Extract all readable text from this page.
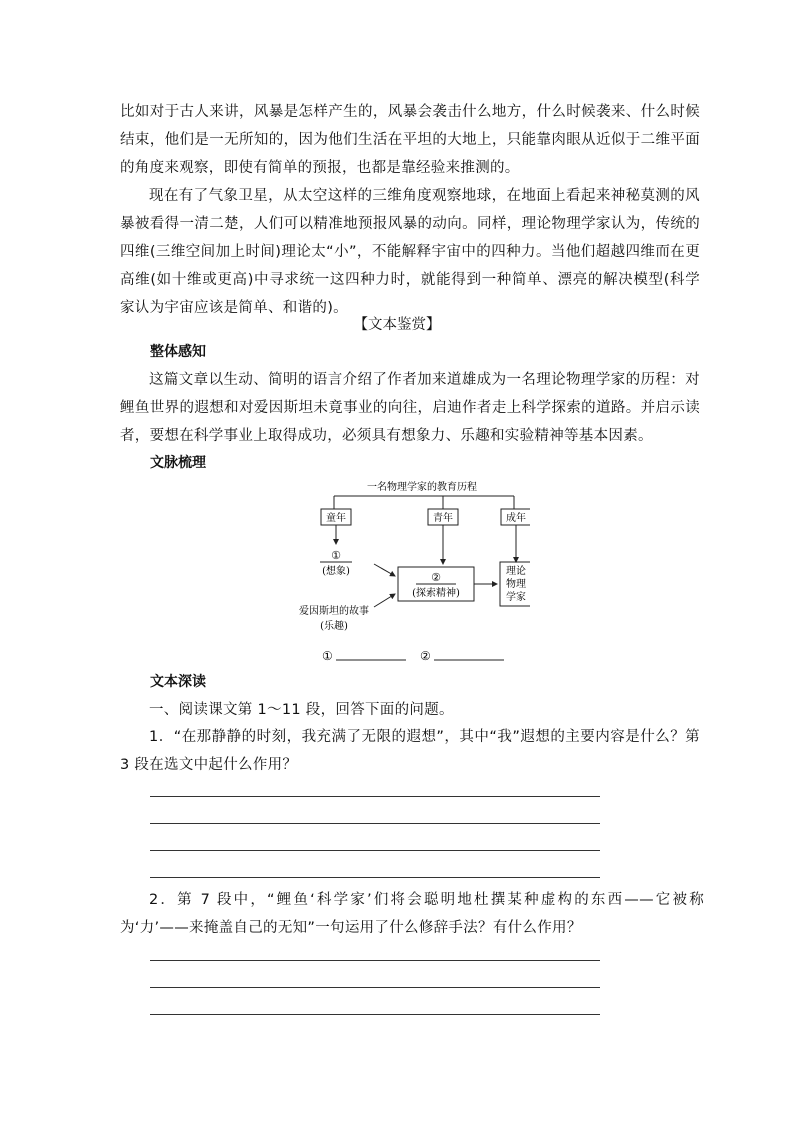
比如对于古人来讲，风暴是怎样产生的，风暴会袭击什么地方，什么时候袭来、什么时候结束，他们是一无所知的，因为他们生活在平坦的大地上，只能靠肉眼从近似于二维平面的角度来观察，即使有简单的预报，也都是靠经验来推测的。

现在有了气象卫星，从太空这样的三维角度观察地球，在地面上看起来神秘莫测的风暴被看得一清二楚，人们可以精准地预报风暴的动向。同样，理论物理学家认为，传统的四维(三维空间加上时间)理论太“小”，不能解释宇宙中的四种力。当他们超越四维而在更高维(如十维或更高)中寻求统一这四种力时，就能得到一种简单、漂亮的解决模型(科学家认为宇宙应该是简单、和谐的)。

【文本鉴赏】

整体感知

这篇文章以生动、简明的语言介绍了作者加来道雄成为一名理论物理学家的历程：对鲤鱼世界的遐想和对爱因斯坦未竟事业的向往，启迪作者走上科学探索的道路。并启示读者，要想在科学事业上取得成功，必须具有想象力、乐趣和实验精神等基本因素。

文脉梳理

一名物理学家的教育历程
童年	青年	成年
①
(想象)	②
(探索精神)
理论
物理
学家
爱因斯坦的故事
(乐趣)
①	②

文本深读

一、阅读课文第 1～11 段，回答下面的问题。

1．“在那静静的时刻，我充满了无限的遐想”，其中“我”遐想的主要内容是什么？第 3 段在选文中起什么作用？

2．第 7 段中，“鲤鱼‘科学家’们将会聪明地杜撰某种虚构的东西——它被称为‘力’——来掩盖自己的无知”一句运用了什么修辞手法？有什么作用？
